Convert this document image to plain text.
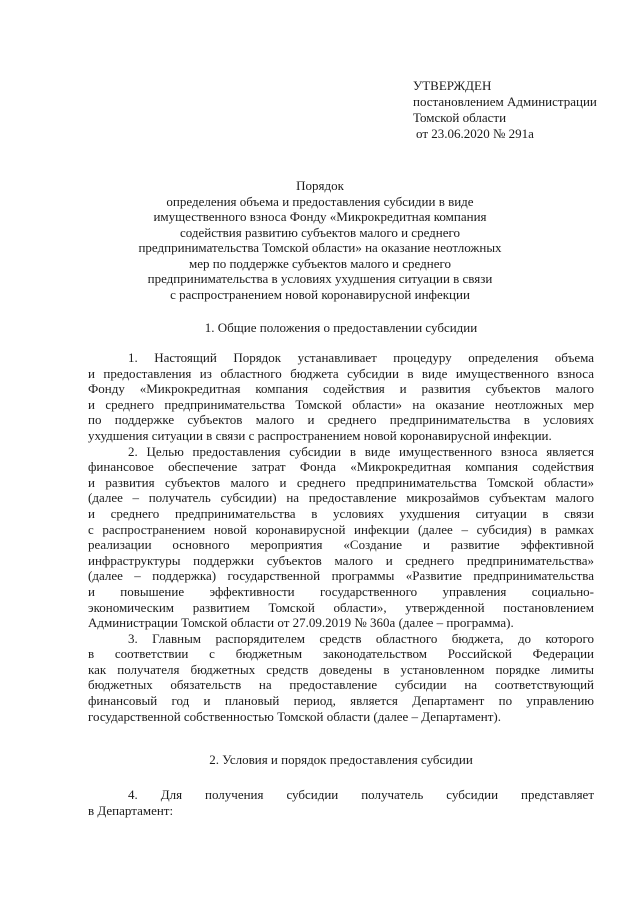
УТВЕРЖДЕН
постановлением Администрации
Томской области
от 23.06.2020 № 291а
Порядок
определения объема и предоставления субсидии в виде
имущественного взноса Фонду «Микрокредитная компания
содействия развитию субъектов малого и среднего
предпринимательства Томской области» на оказание неотложных
мер по поддержке субъектов малого и среднего
предпринимательства в условиях ухудшения ситуации в связи
с распространением новой коронавирусной инфекции
1. Общие положения о предоставлении субсидии
1. Настоящий Порядок устанавливает процедуру определения объема
и предоставления из областного бюджета субсидии в виде имущественного взноса
Фонду «Микрокредитная компания содействия и развития субъектов малого
и среднего предпринимательства Томской области» на оказание неотложных мер
по поддержке субъектов малого и среднего предпринимательства в условиях
ухудшения ситуации в связи с распространением новой коронавирусной инфекции.
2. Целью предоставления субсидии в виде имущественного взноса является
финансовое обеспечение затрат Фонда «Микрокредитная компания содействия
и развития субъектов малого и среднего предпринимательства Томской области»
(далее – получатель субсидии) на предоставление микрозаймов субъектам малого
и среднего предпринимательства в условиях ухудшения ситуации в связи
с распространением новой коронавирусной инфекции (далее – субсидия) в рамках
реализации основного мероприятия «Создание и развитие эффективной
инфраструктуры поддержки субъектов малого и среднего предпринимательства»
(далее – поддержка) государственной программы «Развитие предпринимательства
и повышение эффективности государственного управления социально-
экономическим развитием Томской области», утвержденной постановлением
Администрации Томской области от 27.09.2019 № 360а (далее – программа).
3. Главным распорядителем средств областного бюджета, до которого
в соответствии с бюджетным законодательством Российской Федерации
как получателя бюджетных средств доведены в установленном порядке лимиты
бюджетных обязательств на предоставление субсидии на соответствующий
финансовый год и плановый период, является Департамент по управлению
государственной собственностью Томской области (далее – Департамент).
2. Условия и порядок предоставления субсидии
4. Для получения субсидии получатель субсидии представляет
в Департамент:
